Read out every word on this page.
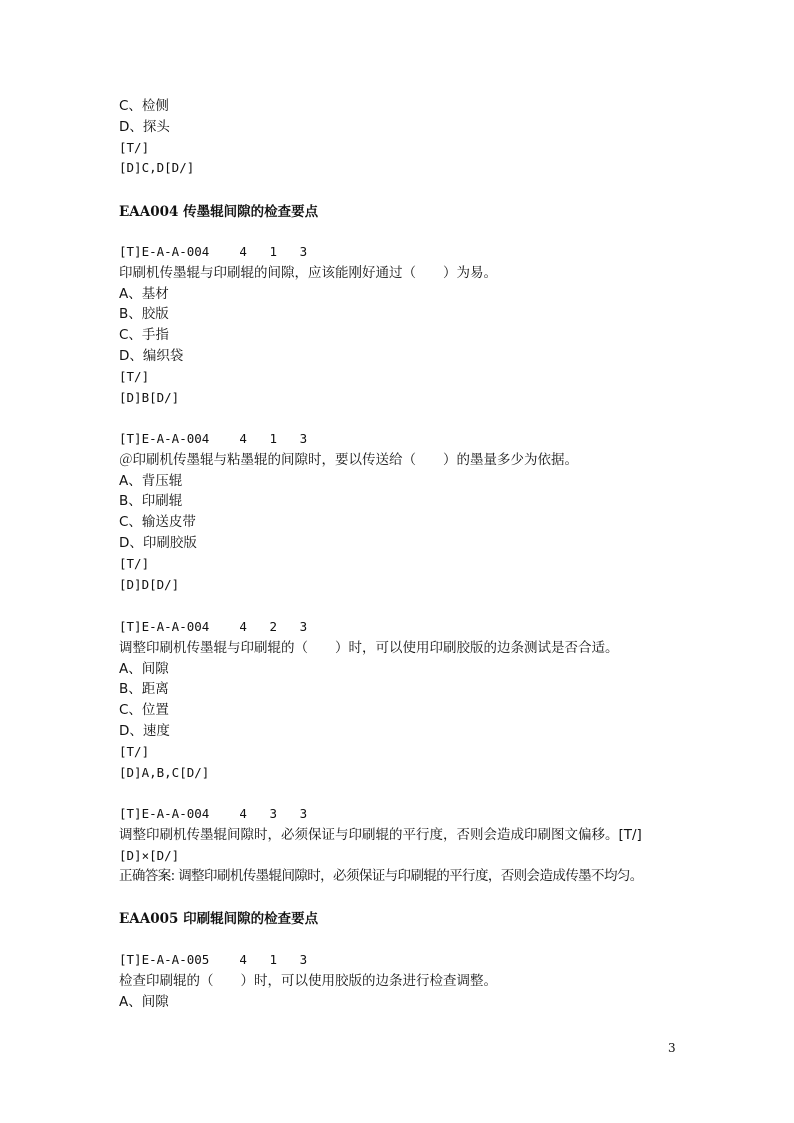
C、检侧
D、探头
[T/]
[D]C,D[D/]
EAA004 传墨辊间隙的检查要点
[T]E-A-A-004    4   1   3
印刷机传墨辊与印刷辊的间隙，应该能刚好通过（　　）为易。
A、基材
B、胶版
C、手指
D、编织袋
[T/]
[D]B[D/]
[T]E-A-A-004    4   1   3
＠印刷机传墨辊与粘墨辊的间隙时，要以传送给（　　）的墨量多少为依据。
A、背压辊
B、印刷辊
C、输送皮带
D、印刷胶版
[T/]
[D]D[D/]
[T]E-A-A-004    4   2   3
调整印刷机传墨辊与印刷辊的（　　）时，可以使用印刷胶版的边条测试是否合适。
A、间隙
B、距离
C、位置
D、速度
[T/]
[D]A,B,C[D/]
[T]E-A-A-004    4   3   3
调整印刷机传墨辊间隙时，必须保证与印刷辊的平行度，否则会造成印刷图文偏移。[T/]
[D]×[D/]
正确答案: 调整印刷机传墨辊间隙时，必须保证与印刷辊的平行度，否则会造成传墨不均匀。
EAA005 印刷辊间隙的检查要点
[T]E-A-A-005    4   1   3
检查印刷辊的（　　）时，可以使用胶版的边条进行检查调整。
A、间隙
3
